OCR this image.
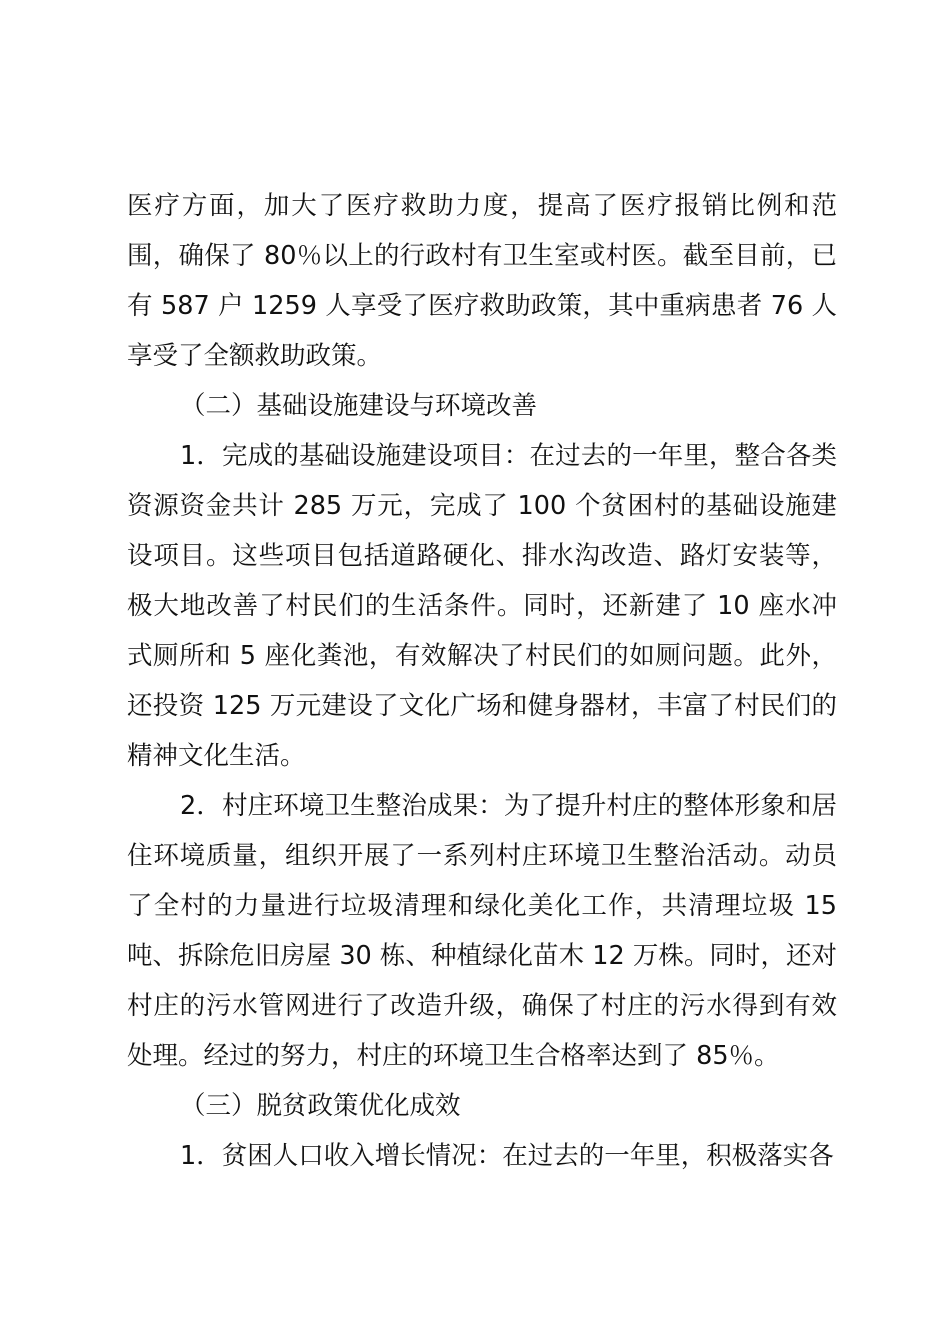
医疗方面，加大了医疗救助力度，提高了医疗报销比例和范围，确保了 80％以上的行政村有卫生室或村医。截至目前，已有 587 户 1259 人享受了医疗救助政策，其中重病患者 76 人享受了全额救助政策。

（二）基础设施建设与环境改善

1．完成的基础设施建设项目：在过去的一年里，整合各类资源资金共计 285 万元，完成了 100 个贫困村的基础设施建设项目。这些项目包括道路硬化、排水沟改造、路灯安装等，极大地改善了村民们的生活条件。同时，还新建了 10 座水冲式厕所和 5 座化粪池，有效解决了村民们的如厕问题。此外，还投资 125 万元建设了文化广场和健身器材，丰富了村民们的精神文化生活。

2．村庄环境卫生整治成果：为了提升村庄的整体形象和居住环境质量，组织开展了一系列村庄环境卫生整治活动。动员了全村的力量进行垃圾清理和绿化美化工作，共清理垃圾 15 吨、拆除危旧房屋 30 栋、种植绿化苗木 12 万株。同时，还对村庄的污水管网进行了改造升级，确保了村庄的污水得到有效处理。经过的努力，村庄的环境卫生合格率达到了 85％。

（三）脱贫政策优化成效

1．贫困人口收入增长情况：在过去的一年里，积极落实各
